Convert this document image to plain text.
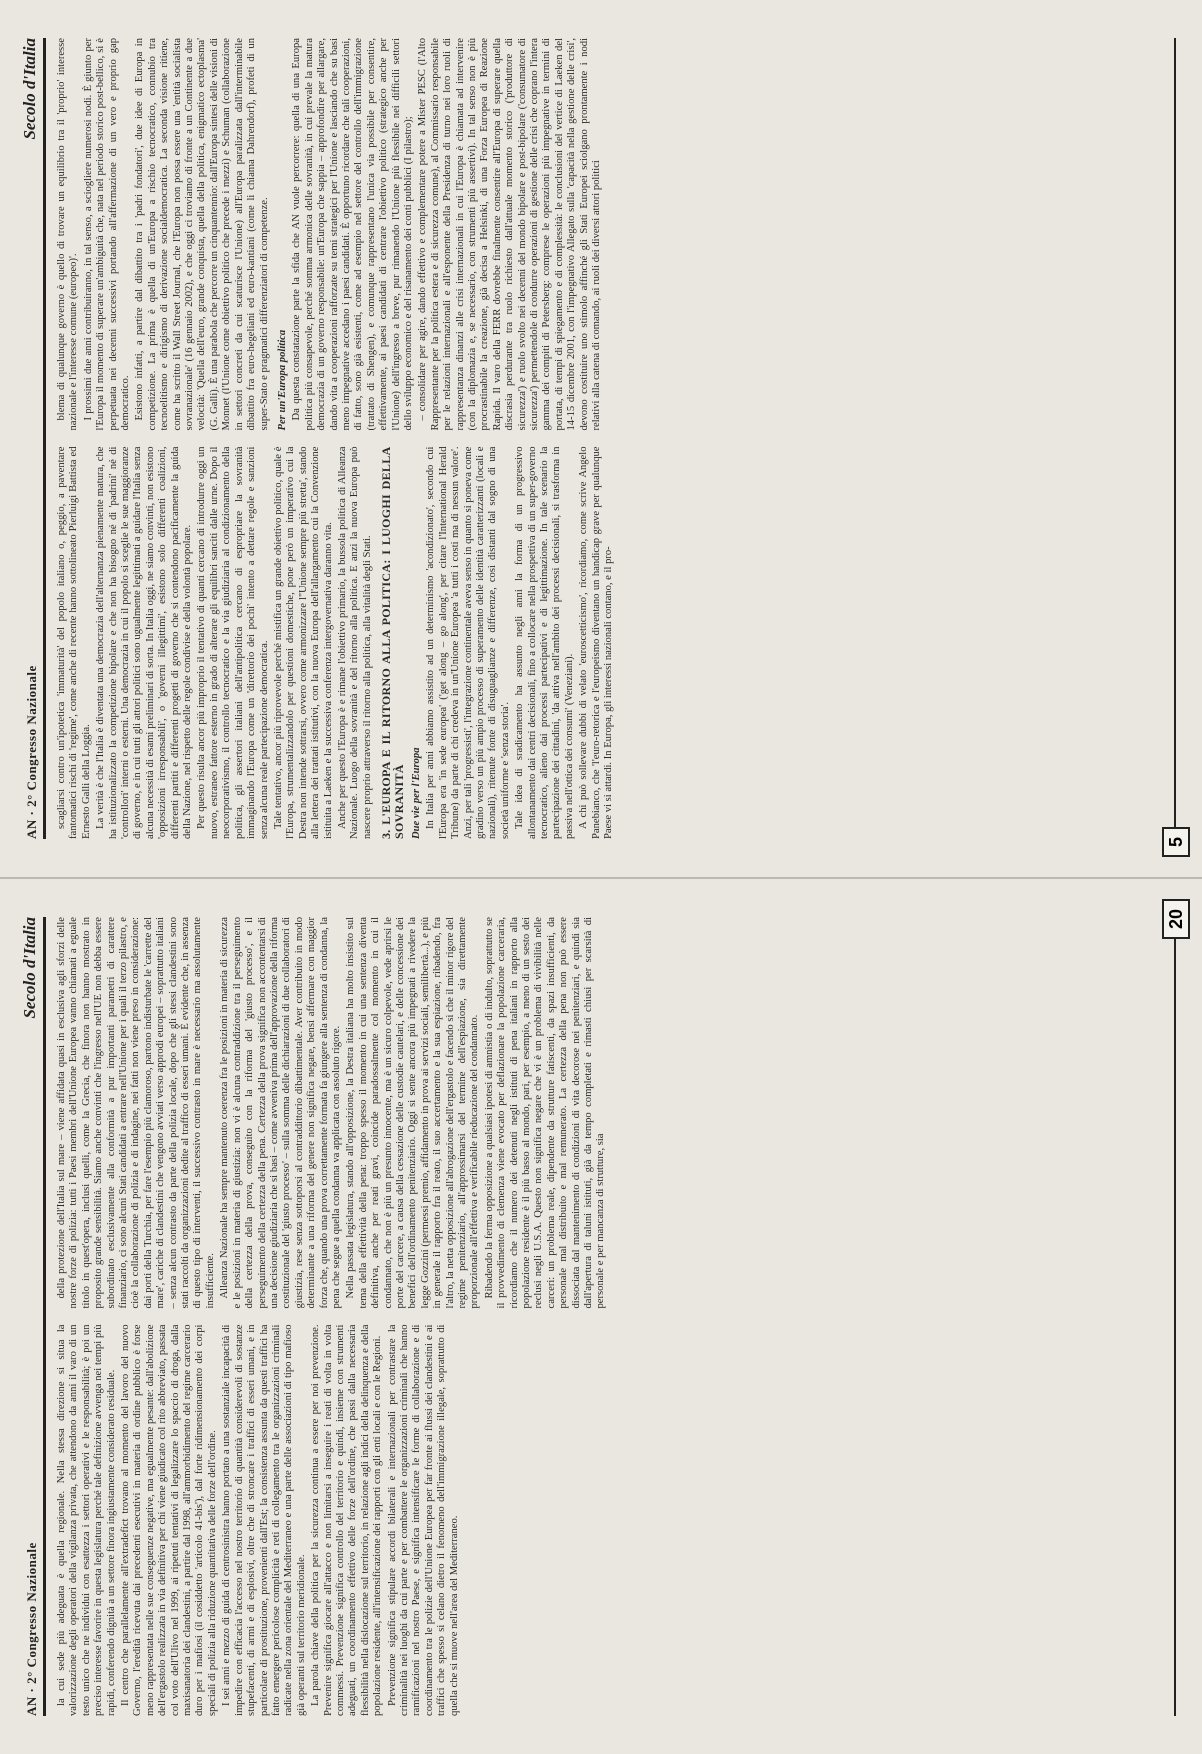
AN · 2° Congresso Nazionale
Secolo d'Italia

la cui sede più adeguata è quella regionale. Nella stessa direzione si situa la valorizzazione degli operatori della vigilanza privata, che attendono da anni il varo di un testo unico che ne individui con esattezza i settori operativi e le responsabilità; è poi un preciso interesse favorire in questa legislatura perché tale definizione avvenga nei tempi più rapidi, conferendo dignità a un settore finora ingiustamente considerato residuale. Il centro che parallelamente all'extradefict trovano al momento del lavoro del nuovo Governo, l'eredità ricevuta dai precedenti esecutivi in materia di ordine pubblico è forse meno rappresentata nelle sue conseguenze negative, ma egualmente pesante: dall'abolizione dell'ergastolo realizzata in via definitiva per chi viene giudicato col rito abbreviato, passata col voto dell'Ulivo nel 1999, ai ripetuti tentativi di legalizzare lo spaccio di droga, dalla maxisanatoria dei clandestini, a partire dal 1998, all'ammorbidimento del regime carcerario duro per i mafiosi (il cosiddetto 'articolo 41-bis'), dal forte ridimensionamento dei corpi speciali di polizia alla riduzione quantitativa delle forze dell'ordine. I sei anni e mezzo di guida di centrosinistra hanno portato a una sostanziale incapacità di impedire con efficacia l'accesso nel nostro territorio di quantità considerevoli di sostanze stupefacenti, di armi e di esplosivi, oltre che di stroncare i traffici di esseri umani, e in particolare di prostituzione, provenienti dall'Est; la consistenza assunta da questi traffici ha fatto emergere pericolose complicità e reti di collegamento tra le organizzazioni criminali radicate nella zona orientale del Mediterraneo e una parte delle associazioni di tipo mafioso già operanti sul territorio meridionale. La parola chiave della politica per la sicurezza continua a essere per noi prevenzione. Prevenire significa giocare all'attacco e non limitarsi a inseguire i reati di volta in volta commessi. Prevenzione significa controllo del territorio e quindi, insieme con strumenti adeguati, un coordinamento effettivo delle forze dell'ordine, che passi dalla necessaria flessibilità nella dislocazione sul territorio, in relazione agli indici della delinquenza e della popolazione residente, all'intensificazione dei rapporti con gli enti locali e con le Regioni. Prevenzione significa stipulare accordi bilaterali e internazionali per contrastare la criminalità nei luoghi da cui parte e per combattere le organizzazioni criminali che hanno ramificazioni nel nostro Paese, e significa intensificare le forme di collaborazione e di coordinamento tra le polizie dell'Unione Europea per far fronte ai flussi dei clandestini e ai traffici che spesso si celano dietro il fenomeno dell'immigrazione illegale, soprattutto di quella che si muove nell'area del Mediterraneo.

della protezione dell'Italia sul mare – viene affidata quasi in esclusiva agli sforzi delle nostre forze di polizia: tutti i Paesi membri dell'Unione Europea vanno chiamati a eguale titolo in quest'opera, inclusi quelli, come la Grecia, che finora non hanno mostrato in proposito grande sensibilità. Siamo anche convinti che l'ingresso nell'UE non debba essere subordinato esclusivamente alla conformità a pur importanti parametri di carattere finanziario, ci sono alcuni Stati candidati a entrare nell'Unione per i quali il terzo pilastro, e cioè la collaborazione di polizia e di indagine, nei fatti non viene preso in considerazione: dai porti della Turchia, per fare l'esempio più clamoroso, partono indisturbate le 'carrette del mare', cariche di clandestini che vengono avviati verso approdi europei – soprattutto italiani – senza alcun contrasto da parte della polizia locale, dopo che gli stessi clandestini sono stati raccolti da organizzazioni dedite al traffico di esseri umani. È evidente che, in assenza di questo tipo di interventi, il successivo contrasto in mare è necessario ma assolutamente insufficiente. Alleanza Nazionale ha sempre mantenuto coerenza fra le posizioni in materia di sicurezza e le posizioni in materia di giustizia: non vi è alcuna contraddizione tra il perseguimento della certezza della prova, conseguito con la riforma del 'giusto processo', e il perseguimento della certezza della pena. Certezza della prova significa non accontentarsi di una decisione giudiziaria che si basi – come avveniva prima dell'approvazione della riforma costituzionale del 'giusto processo' – sulla somma delle dichiarazioni di due collaboratori di giustizia, rese senza sottoporsi al contraddittorio dibattimentale. Aver contribuito in modo determinante a una riforma del genere non significa negare, bensì affermare con maggior forza che, quando una prova correttamente formata fa giungere alla sentenza di condanna, la pena che segue a quella condanna va applicata con assoluto rigore. Nella passata legislatura, stando all'opposizione, la Destra italiana ha molto insistito sul tema della effettività della pena: troppo spesso il momento in cui una sentenza diventa definitiva, anche per reati gravi, coincide paradossalmente col momento in cui il condannato, che non è più un presunto innocente, ma è un sicuro colpevole, vede aprirsi le porte del carcere, a causa della cessazione delle custodie cautelari, e delle concessione dei benefici dell'ordinamento penitenziario. Oggi si sente ancora più impegnati a rivedere la legge Gozzini (permessi premio, affidamento in prova ai servizi sociali, semilibertà...), e più in generale il rapporto fra il reato, il suo accertamento e la sua espiazione, ribadendo, fra l'altro, la netta opposizione all'abrogazione dell'ergastolo e facendo sì che il minor rigore del regime penitenziario, all'approssimarsi del termine dell'espiazione, sia direttamente proporzionale all'effettiva e verificabile rieducazione del condannato. Ribadendo la ferma opposizione a qualsiasi ipotesi di amnistia o di indulto, soprattutto se il provvedimento di clemenza viene evocato per deflazionare la popolazione carceraria, ricordiamo che il numero dei detenuti negli istituti di pena italiani in rapporto alla popolazione residente è il più basso al mondo, pari, per esempio, a meno di un sesto dei reclusi negli U.S.A. Questo non significa negare che vi è un problema di vivibilità nelle carceri: un problema reale, dipendente da strutture fatiscenti, da spazi insufficienti, da personale mal distribuito e mal remunerato. La certezza della pena non può essere dissociata dal mantenimento di condizioni di vita decorose nei penitenziari, e quindi sia dall'apertura di taluni istituti, già da tempo completati e rimasti chiusi per scarsità di personale e per mancanza di strutture, sia

20
AN · 2° Congresso Nazionale
Secolo d'Italia

scagliarsi contro un'ipotetica 'immaturità' del popolo italiano o, peggio, a paventare fantomatici rischi di 'regime', come anche di recente hanno sottolineato Pierluigi Battista ed Ernesto Galli della Loggia. La verità è che l'Italia è diventata una democrazia dell'alternanza pienamente matura, che ha istituzionalizzato la competizione bipolare e che non ha bisogno né di 'padrini' né di 'controllori' interni o esterni. Una democrazia in cui il popolo si sceglie le sue maggioranze di governo, e in cui tutti gli attori politici sono ugualmente legittimati a guidare l'Italia senza alcuna necessità di esami preliminari di sorta. In Italia oggi, ne siamo convinti, non esistono 'opposizioni irresponsabili', o 'governi illegittimi', esistono solo differenti coalizioni, differenti partiti e differenti progetti di governo che si contendono pacificamente la guida della Nazione, nel rispetto delle regole condivise e della volontà popolare. Per questo risulta ancor più improprio il tentativo di quanti cercano di introdurre oggi un nuovo, estraneo fattore esterno in grado di alterare gli equilibri sanciti dalle urne. Dopo il neocorporativismo, il controllo tecnocratico e la via giudiziaria al condizionamento della politica, gli assertori italiani dell'antipolitica cercano di espropriare la sovranità immaginando l'Europa come un 'direttorio dei pochi' intento a dettare regole e sanzioni senza alcuna reale partecipazione democratica. Tale tentativo, ancor più riprovevole perché mistifica un grande obiettivo politico, quale è l'Europa, strumentalizzandolo per questioni domestiche, pone però un imperativo cui la Destra non intende sottrarsi, ovvero come armonizzare l''Unione sempre più stretta', stando alla lettera dei trattati istitutivi, con la nuova Europa dell'allargamento cui la Convenzione istituita a Laeken e la successiva conferenza intergovernativa daranno vita. Anche per questo l'Europa è e rimane l'obiettivo primario, la bussola politica di Alleanza Nazionale. Luogo della sovranità e del ritorno alla politica. E anzi la nuova Europa può nascere proprio attraverso il ritorno alla politica, alla vitalità degli Stati. 3. L'EUROPA E IL RITORNO ALLA POLITICA: I LUOGHI DELLA SOVRANITÀ Due vie per l'Europa In Italia per anni abbiamo assistito ad un determinismo 'acondizionato', secondo cui l'Europa era 'in sede europea' ('get along – go along', per citare l'International Herald Tribune) da parte di chi credeva in un'Unione Europea 'a tutti i costi ma di nessun valore'. Anzi, per tali 'progressisti', l'integrazione continentale aveva senso in quanto si poneva come gradino verso un più ampio processo di superamento delle identità caratterizzanti (locali e nazionali), ritenute fonte di disuguaglianze e differenze, così distanti dal sogno di una società uniforme e 'senza storia'. Tale idea di sradicamento ha assunto negli anni la forma di un progressivo allontanamento dai centri decisionali, fino a collocare nella prospettiva di un super-governo tecnocratico, alieno dai processi partecipativi e di legittimazione. In tale scenario la partecipazione dei cittadini, 'da attiva nell'ambito dei processi decisionali, si trasforma in passiva nell'ottica dei consumi' (Veneziani). A chi può sollevare dubbi di velato 'euroscetticismo', ricordiamo, come scrive Angelo Panebianco, che 'l'euro-retorica e l'europeismo diventano un handicap grave per qualunque Paese vi si attardi. In Europa, gli interessi nazionali contano, e il pro-

blema di qualunque governo è quello di trovare un equilibrio tra il 'proprio' interesse nazionale e l'interesse comune (europeo)'. I prossimi due anni contribuiranno, in tal senso, a sciogliere numerosi nodi. È giunto per l'Europa il momento di superare un'ambiguità che, nata nel periodo storico post-bellico, si è perpetuata nei decenni successivi portando all'affermazione di un vero e proprio gap democratico. Esistono infatti, a partire dal dibattito tra i 'padri fondatori', due idee di Europa in competizione. La prima è quella di un'Europa a rischio tecnocratico, connubio tra tecnoelitismo e dirigismo di derivazione socialdemocratica. La seconda visione ritiene, come ha scritto il Wall Street Journal, che l'Europa non possa essere una 'entità socialista sovranazionale' (16 gennaio 2002), e che oggi ci troviamo di fronte a un Continente a due velocità: 'Quella dell'euro, grande conquista, quella della politica, enigmatico ectoplasma' (G. Galli). È una parabola che percorre un cinquantennio: dall'Europa sintesi delle visioni di Monnet (l'Unione come obiettivo politico che precede i mezzi) e Schuman (collaborazione in settori concreti da cui scaturisce l'Unione) all'Europa paralizzata dall'interminabile dibattito fra euro-hegeliani ed euro-kantiani (come li chiama Dahrendorf), profeti di un super-Stato e pragmatici differenziatori di competenze. Per un'Europa politica Da questa constatazione parte la sfida che AN vuole percorrere: quella di una Europa politica più consapevole, perché somma armonica delle sovranità, in cui prevale la matura democrazia di un governo responsabile: un'Europa che sappia – approfondire per allargare, dando vita a cooperazioni rafforzate su temi strategici per l'Unione e lasciando che su basi meno impegnative accedano i paesi candidati. È opportuno ricordare che tali cooperazioni, di fatto, sono già esistenti, come ad esempio nel settore del controllo dell'immigrazione (trattato di Shengen), e comunque rappresentano l'unica via possibile per consentire, effettivamente, ai paesi candidati di centrare l'obiettivo politico (strategico anche per l'Unione) dell'ingresso a breve, pur rimanendo l'Unione più flessibile nei difficili settori dello sviluppo economico e del risanamento dei conti pubblici (I pilastro); – consolidare per agire, dando effettivo e complementare potere a Mister PESC (l'Alto Rappresentante per la politica estera e di sicurezza comune), al Commissario responsabile per le relazioni internazionali e all'esponente della Presidenza di turno nei loro ruoli di rappresentanza dinanzi alle crisi internazionali in cui l'Europa è chiamata ad intervenire (con la diplomazia e, se necessario, con strumenti più assertivi). In tal senso non è più procrastinabile la creazione, già decisa a Helsinki, di una Forza Europea di Reazione Rapida. Il varo della FERR dovrebbe finalmente consentire all'Europa di superare quella discrasia perdurante tra ruolo richiesto dall'attuale momento storico ('produttore di sicurezza') e ruolo svolto nei decenni del mondo bipolare e post-bipolare ('consumatore di sicurezza') permettendole di condurre operazioni di gestione delle crisi che coprano l'intera gamma dei compiti di Petersberg: comprese le operazioni più impegnative in termini di portata, di tempi di spiegamento e di complessità: le conclusioni del vertice di Laeken del 14-15 dicembre 2001, con l'impegnativo Allegato sulla 'capacità nella gestione delle crisi', devono costituire uno stimolo affinché gli Stati Europei sciolgano prontamente i nodi relativi alla catena di comando, ai ruoli dei diversi attori politici

5
